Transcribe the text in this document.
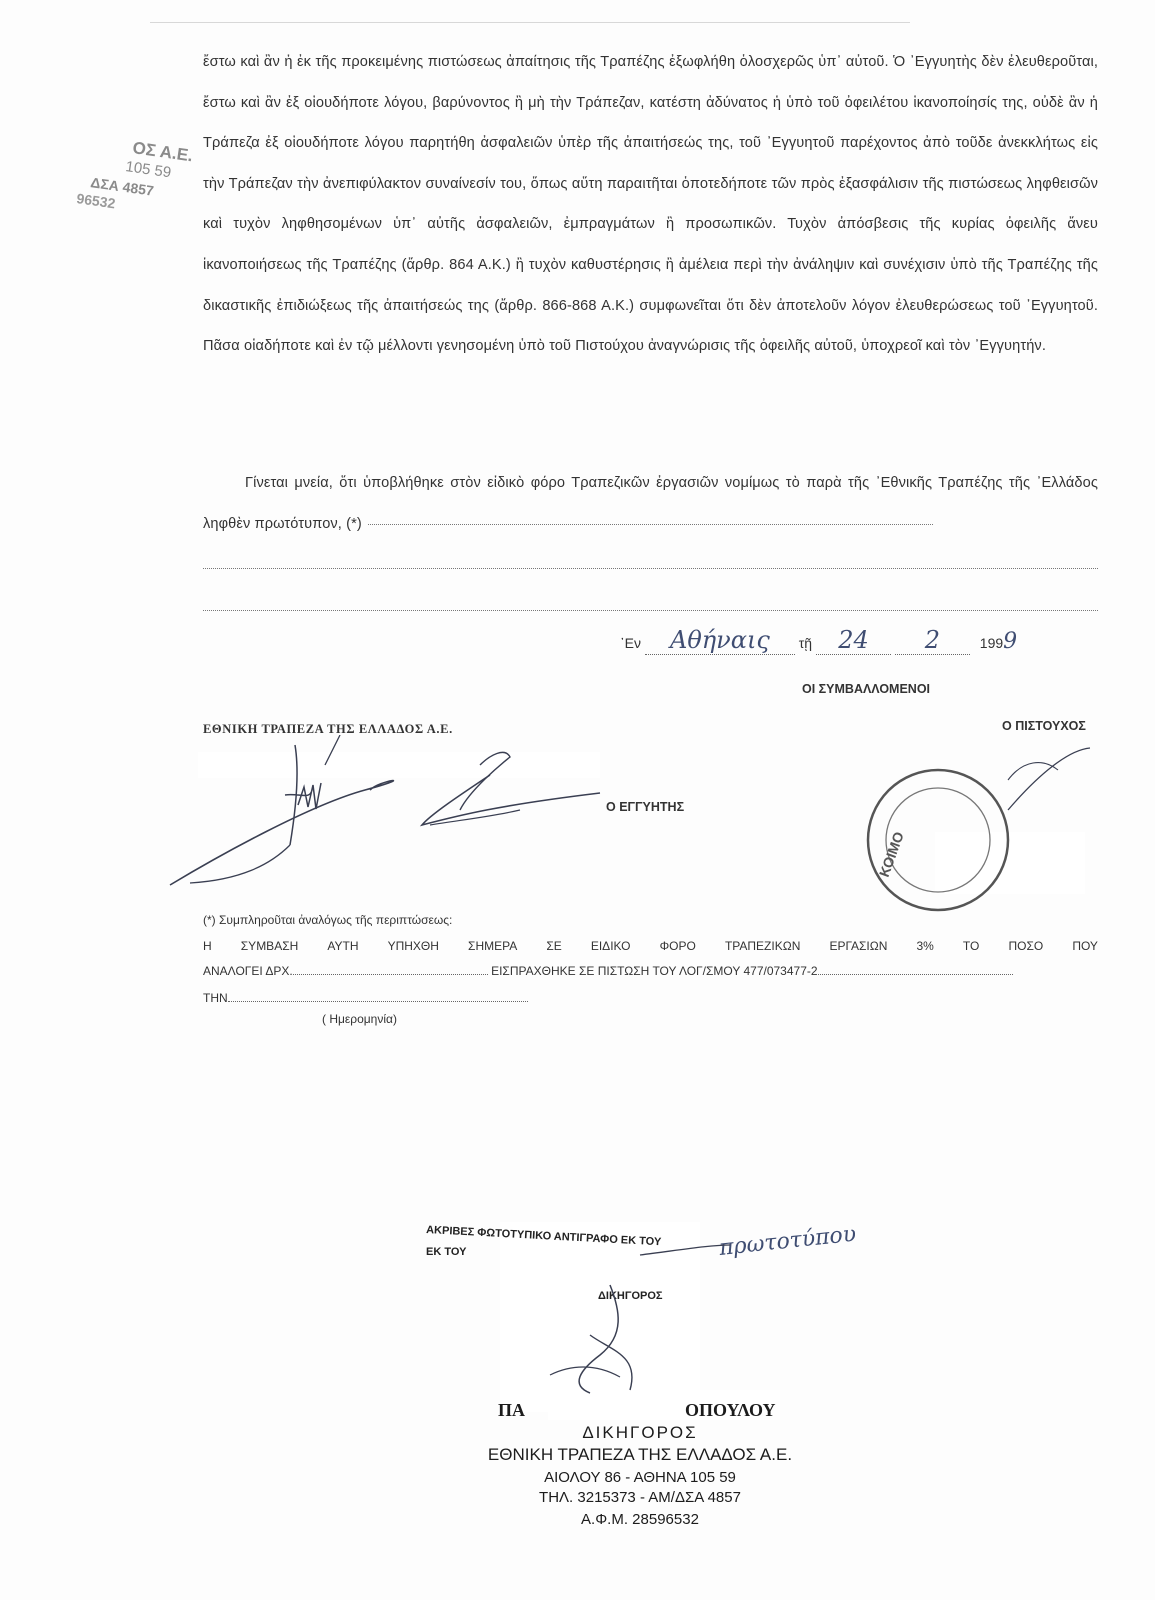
ΟΣ Α.Ε.
105 59
ΔΣΑ 4857
96532

ἔστω καὶ ἂν ἡ ἐκ τῆς προκειμένης πιστώσεως ἀπαίτησις τῆς Τραπέζης ἐξωφλήθη ὁλοσχερῶς ὑπ᾿ αὐτοῦ. Ὁ ᾿Εγγυητὴς δὲν ἐλευθεροῦται, ἔστω καὶ ἂν ἐξ οἱουδήποτε λόγου, βαρύνοντος ἢ μὴ τὴν Τράπεζαν, κατέστη ἀδύνατος ἡ ὑπὸ τοῦ ὀφειλέτου ἱκανοποίησίς της, οὐδὲ ἂν ἡ Τράπεζα ἐξ οἱουδήποτε λόγου παρητήθη ἀσφαλειῶν ὑπὲρ τῆς ἀπαιτήσεώς της, τοῦ ᾿Εγγυητοῦ παρέχοντος ἀπὸ τοῦδε ἀνεκκλήτως εἰς τὴν Τράπεζαν τὴν ἀνεπιφύλακτον συναίνεσίν του, ὅπως αὕτη παραιτῆται ὁποτεδήποτε τῶν πρὸς ἐξασφάλισιν τῆς πιστώσεως ληφθεισῶν καὶ τυχὸν ληφθησομένων ὑπ᾿ αὐτῆς ἀσφαλειῶν, ἐμπραγμάτων ἢ προσωπικῶν. Τυχὸν ἀπόσβεσις τῆς κυρίας ὀφειλῆς ἄνευ ἱκανοποιήσεως τῆς Τραπέζης (ἄρθρ. 864 Α.Κ.) ἢ τυχὸν καθυστέρησις ἢ ἀμέλεια περὶ τὴν ἀνάληψιν καὶ συνέχισιν ὑπὸ τῆς Τραπέζης τῆς δικαστικῆς ἐπιδιώξεως τῆς ἀπαιτήσεώς της (ἄρθρ. 866-868 Α.Κ.) συμφωνεῖται ὅτι δὲν ἀποτελοῦν λόγον ἐλευθερώσεως τοῦ ᾿Εγγυητοῦ. Πᾶσα οἱαδήποτε καὶ ἐν τῷ μέλλοντι γενησομένη ὑπὸ τοῦ Πιστούχου ἀναγνώρισις τῆς ὀφειλῆς αὐτοῦ, ὑποχρεοῖ καὶ τὸν ᾿Εγγυητήν.

Γίνεται μνεία, ὅτι ὑποβλήθηκε στὸν εἰδικὸ φόρο Τραπεζικῶν ἐργασιῶν νομίμως τὸ παρὰ τῆς ᾿Εθνικῆς Τραπέζης τῆς ᾿Ελλάδος ληφθὲν πρωτότυπον, (*)

᾿Εν Αθήναις τῇ 24 2	1999
ΟΙ ΣΥΜΒΑΛΛΟΜΕΝΟΙ
ΕΘΝΙΚΗ ΤΡΑΠΕΖΑ ΤΗΣ ΕΛΛΑΔΟΣ Α.Ε.	Ο ΠΙΣΤΟΥΧΟΣ
Ο ΕΓΓΥΗΤΗΣ
ΚΟΙΜΟ
(*) Συμπληροῦται ἀναλόγως τῆς περιπτώσεως:
Η ΣΥΜΒΑΣΗ ΑΥΤΗ ΥΠΗΧΘΗ ΣΗΜΕΡΑ ΣΕ ΕΙΔΙΚΟ ΦΟΡΟ ΤΡΑΠΕΖΙΚΩΝ ΕΡΓΑΣΙΩΝ 3% ΤΟ ΠΟΣΟ ΠΟΥ
ΑΝΑΛΟΓΕΙ ΔΡΧ.	ΕΙΣΠΡΑΧΘΗΚΕ ΣΕ ΠΙΣΤΩΣΗ ΤΟΥ ΛΟΓ/ΣΜΟΥ 477/073477-2
ΤΗΝ
( Ημερομηνία)
ΑΚΡΙΒΕΣ ΦΩΤΟΤΥΠΙΚΟ ΑΝΤΙΓΡΑΦΟ ΕΚ ΤΟΥ
ΕΚ ΤΟΥ
ΔΙΚΗΓΟΡΟΣ
πρωτοτύπου
ΠΑ	ΟΠΟΥΛΟΥ
ΔΙΚΗΓΟΡΟΣ
ΕΘΝΙΚΗ ΤΡΑΠΕΖΑ ΤΗΣ ΕΛΛΑΔΟΣ Α.Ε.
ΑΙΟΛΟΥ 86 - ΑΘΗΝΑ 105 59
ΤΗΛ. 3215373 - ΑΜ/ΔΣΑ 4857
Α.Φ.Μ. 28596532
